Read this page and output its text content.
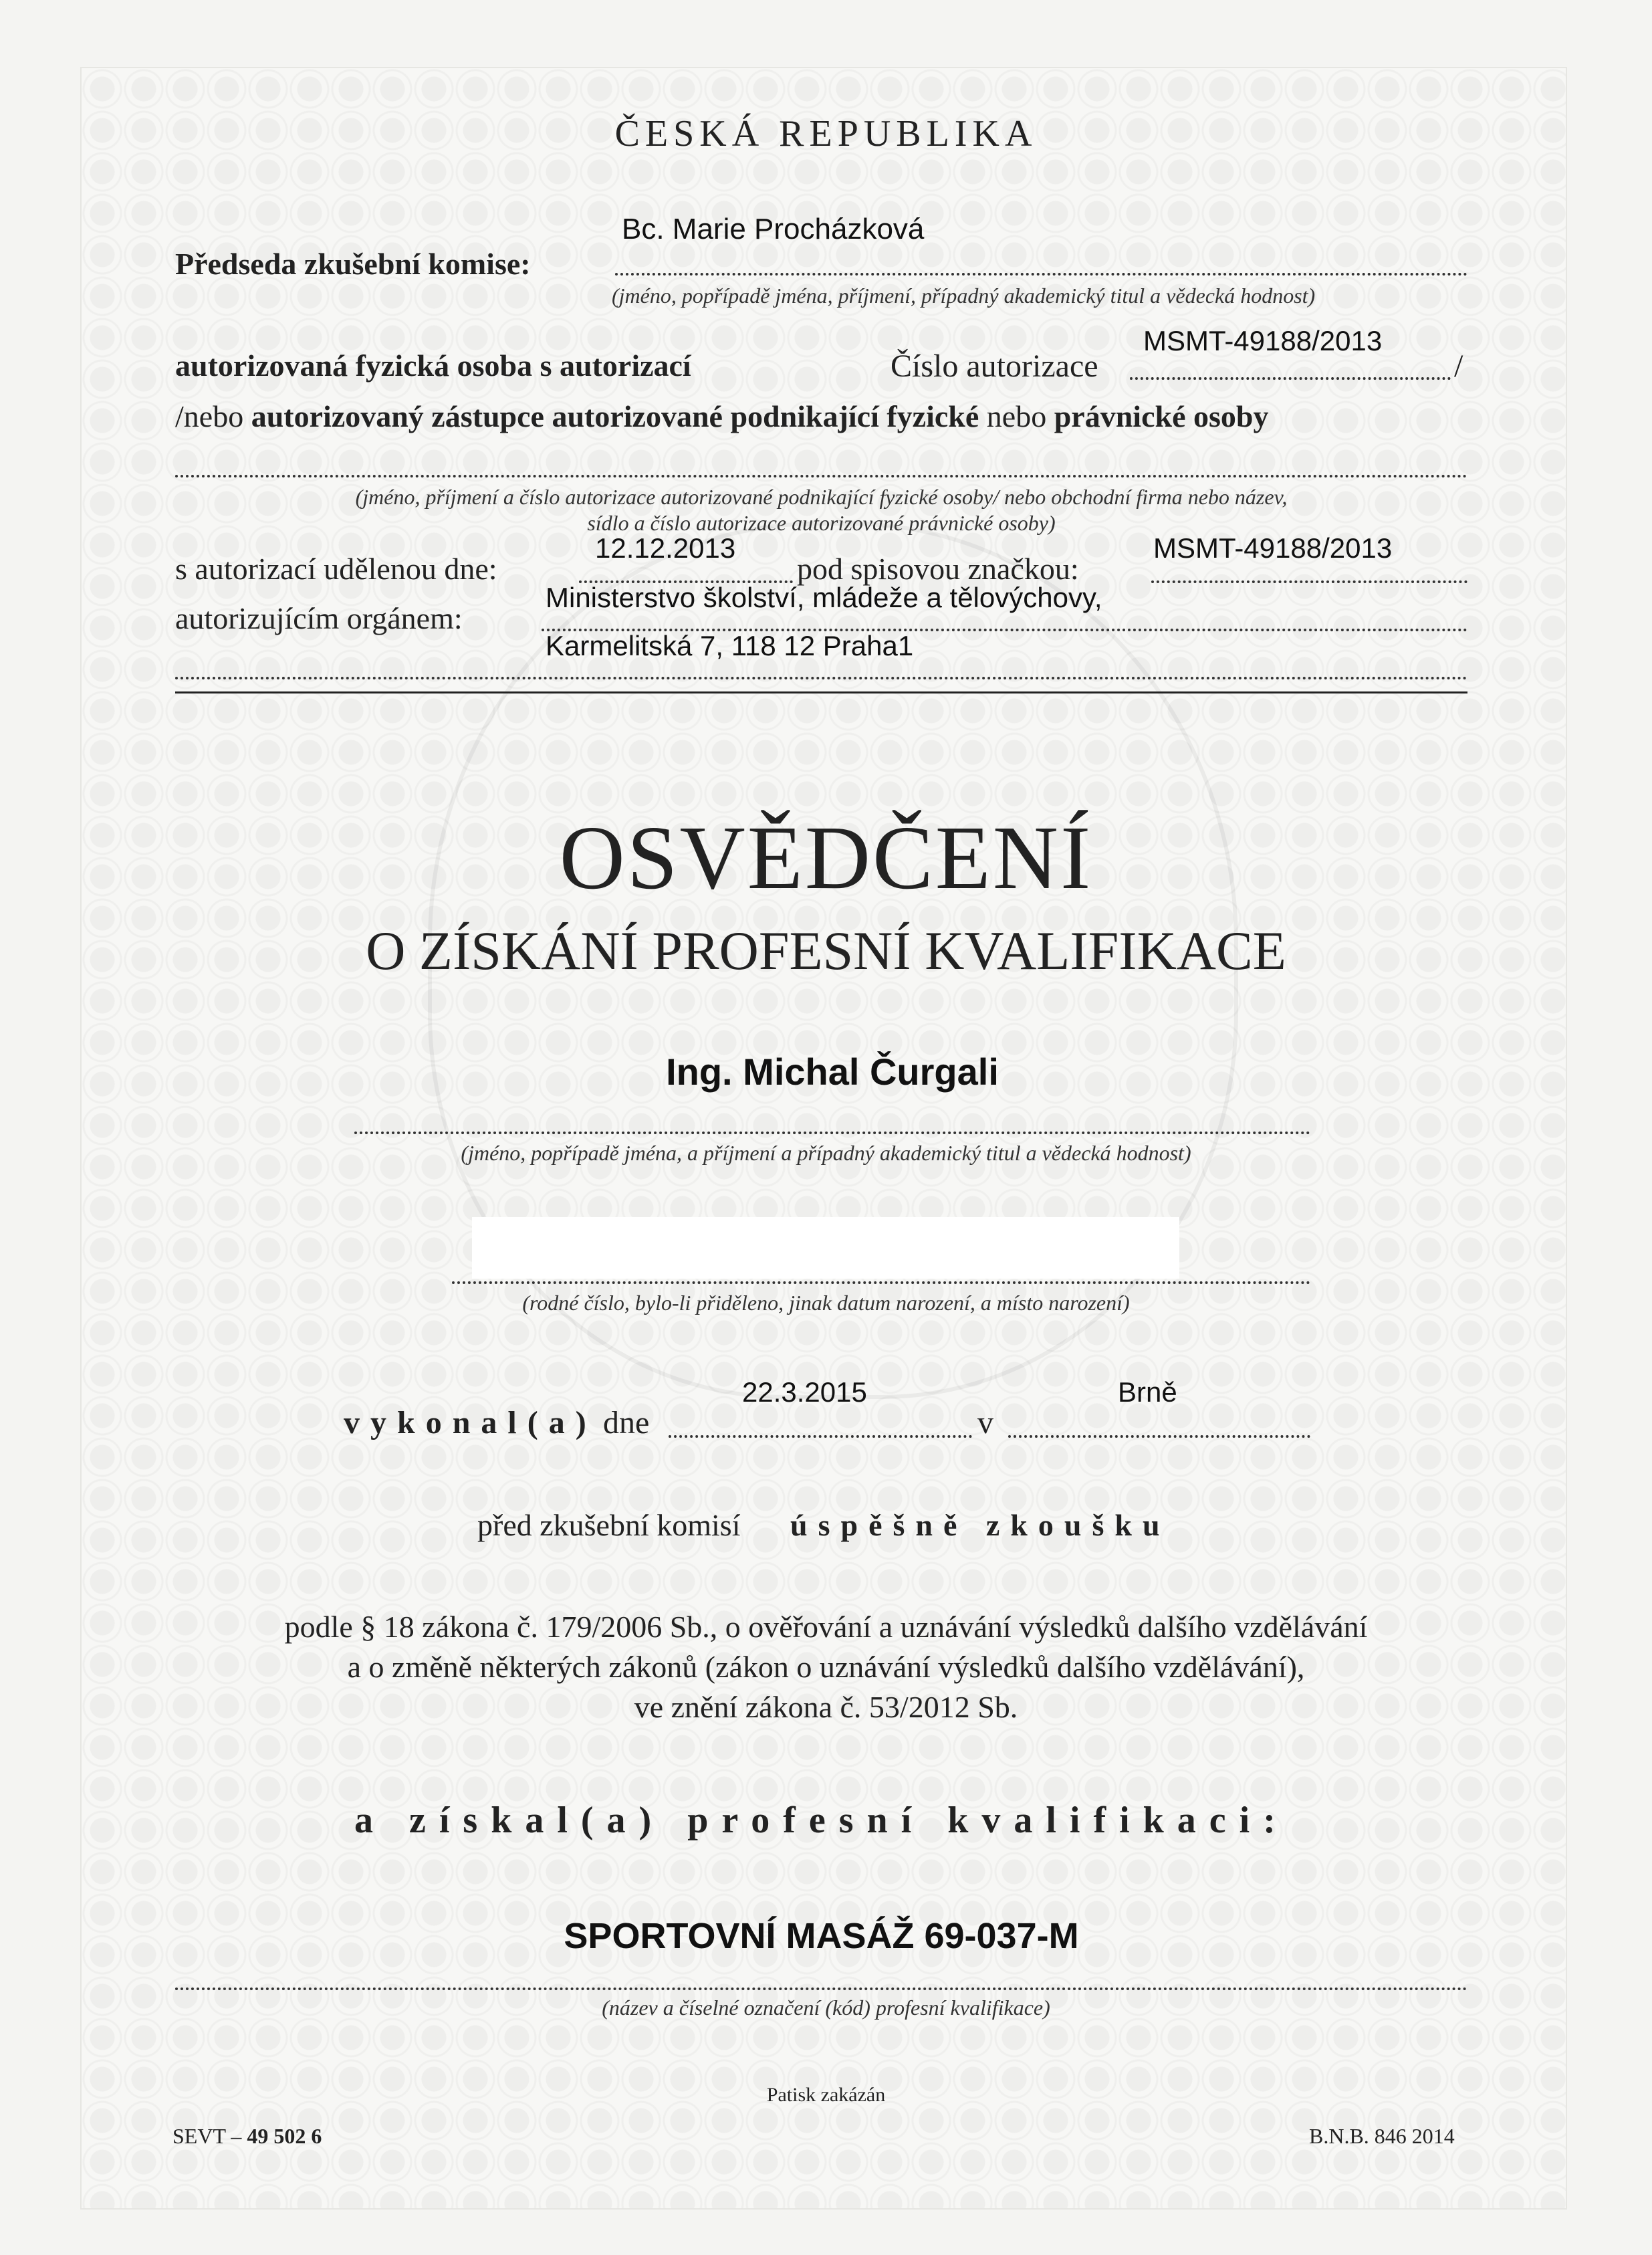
ČESKÁ REPUBLIKA
Bc. Marie Procházková
Předseda zkušební komise:
(jméno, popřípadě jména, příjmení, případný akademický titul a vědecká hodnost)
autorizovaná fyzická osoba s autorizací	Číslo autorizace
MSMT-49188/2013
/
/nebo autorizovaný zástupce autorizované podnikající fyzické nebo právnické osoby
(jméno, příjmení a číslo autorizace autorizované podnikající fyzické osoby/ nebo obchodní firma nebo název,
sídlo a číslo autorizace autorizované právnické osoby)
s autorizací udělenou dne:
12.12.2013
pod spisovou značkou:
MSMT-49188/2013
autorizujícím orgánem:
Ministerstvo školství, mládeže a tělovýchovy,
Karmelitská 7, 118 12 Praha1
OSVĚDČENÍ
O ZÍSKÁNÍ PROFESNÍ KVALIFIKACE
Ing. Michal Čurgali
(jméno, popřípadě jména, a příjmení a případný akademický titul a vědecká hodnost)
(rodné číslo, bylo-li přiděleno, jinak datum narození, a místo narození)
vykonal(a) dne
22.3.2015
v
Brně
před zkušební komisí úspěšně zkoušku
podle § 18 zákona č. 179/2006 Sb., o ověřování a uznávání výsledků dalšího vzdělávání
a o změně některých zákonů (zákon o uznávání výsledků dalšího vzdělávání),
ve znění zákona č. 53/2012 Sb.
a získal(a) profesní kvalifikaci:
SPORTOVNÍ MASÁŽ 69-037-M
(název a číselné označení (kód) profesní kvalifikace)
Patisk zakázán
SEVT – 49 502 6	B.N.B. 846 2014
